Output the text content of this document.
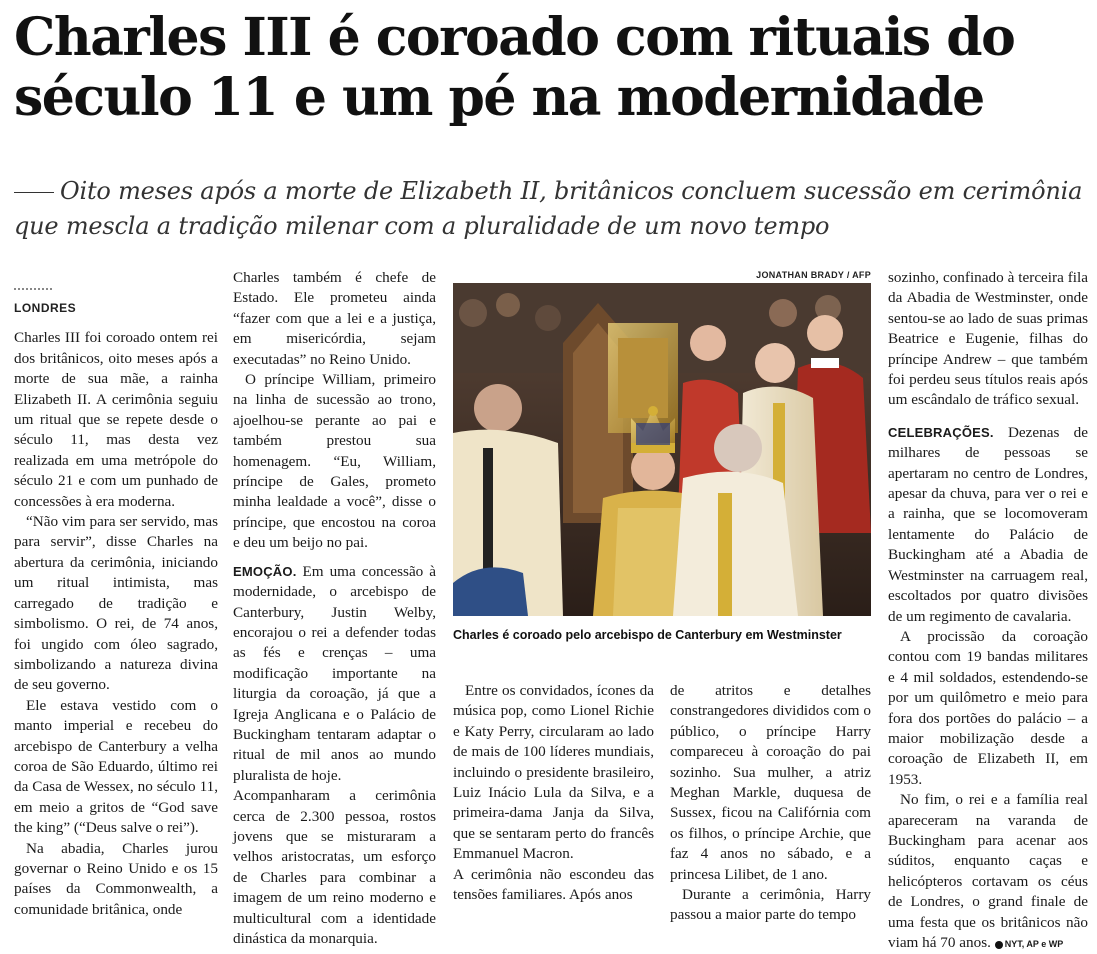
Charles III é coroado com rituais do século 11 e um pé na modernidade
Oito meses após a morte de Elizabeth II, britânicos concluem sucessão em cerimônia que mescla a tradição milenar com a pluralidade de um novo tempo
LONDRES

Charles III foi coroado ontem rei dos britânicos, oito meses após a morte de sua mãe, a rainha Elizabeth II. A cerimônia seguiu um ritual que se repete desde o século 11, mas desta vez realizada em uma metrópole do século 21 e com um punhado de concessões à era moderna.

“Não vim para ser servido, mas para servir”, disse Charles na abertura da cerimônia, iniciando um ritual intimista, mas carregado de tradição e simbolismo. O rei, de 74 anos, foi ungido com óleo sagrado, simbolizando a natureza divina de seu governo.

Ele estava vestido com o manto imperial e recebeu do arcebispo de Canterbury a velha coroa de São Eduardo, último rei da Casa de Wessex, no século 11, em meio a gritos de “God save the king” (“Deus salve o rei”).

Na abadia, Charles jurou governar o Reino Unido e os 15 países da Commonwealth, a comunidade britânica, onde

Charles também é chefe de Estado. Ele prometeu ainda “fazer com que a lei e a justiça, em misericórdia, sejam executadas” no Reino Unido.

O príncipe William, primeiro na linha de sucessão ao trono, ajoelhou-se perante ao pai e também prestou sua homenagem. “Eu, William, príncipe de Gales, prometo minha lealdade a você”, disse o príncipe, que encostou na coroa e deu um beijo no pai.

EMOÇÃO. Em uma concessão à modernidade, o arcebispo de Canterbury, Justin Welby, encorajou o rei a defender todas as fés e crenças – uma modificação importante na liturgia da coroação, já que a Igreja Anglicana e o Palácio de Buckingham tentaram adaptar o ritual de mil anos ao mundo pluralista de hoje.

Acompanharam a cerimônia cerca de 2.300 pessoa, rostos jovens que se misturaram a velhos aristocratas, um esforço de Charles para combinar a imagem de um reino moderno e multicultural com a identidade dinástica da monarquia.

JONATHAN BRADY / AFP
Charles é coroado pelo arcebispo de Canterbury em Westminster

Entre os convidados, ícones da música pop, como Lionel Richie e Katy Perry, circularam ao lado de mais de 100 líderes mundiais, incluindo o presidente brasileiro, Luiz Inácio Lula da Silva, e a primeira-dama Janja da Silva, que se sentaram perto do francês Emmanuel Macron.

A cerimônia não escondeu das tensões familiares. Após anos

de atritos e detalhes constrangedores divididos com o público, o príncipe Harry compareceu à coroação do pai sozinho. Sua mulher, a atriz Meghan Markle, duquesa de Sussex, ficou na Califórnia com os filhos, o príncipe Archie, que faz 4 anos no sábado, e a princesa Lilibet, de 1 ano.

Durante a cerimônia, Harry passou a maior parte do tempo

sozinho, confinado à terceira fila da Abadia de Westminster, onde sentou-se ao lado de suas primas Beatrice e Eugenie, filhas do príncipe Andrew – que também foi perdeu seus títulos reais após um escândalo de tráfico sexual.

CELEBRAÇÕES. Dezenas de milhares de pessoas se apertaram no centro de Londres, apesar da chuva, para ver o rei e a rainha, que se locomoveram lentamente do Palácio de Buckingham até a Abadia de Westminster na carruagem real, escoltados por quatro divisões de um regimento de cavalaria.

A procissão da coroação contou com 19 bandas militares e 4 mil soldados, estendendo-se por um quilômetro e meio para fora dos portões do palácio – a maior mobilização desde a coroação de Elizabeth II, em 1953.

No fim, o rei e a família real apareceram na varanda de Buckingham para acenar aos súditos, enquanto caças e helicópteros cortavam os céus de Londres, o grand finale de uma festa que os britânicos não viam há 70 anos. NYT, AP e WP
